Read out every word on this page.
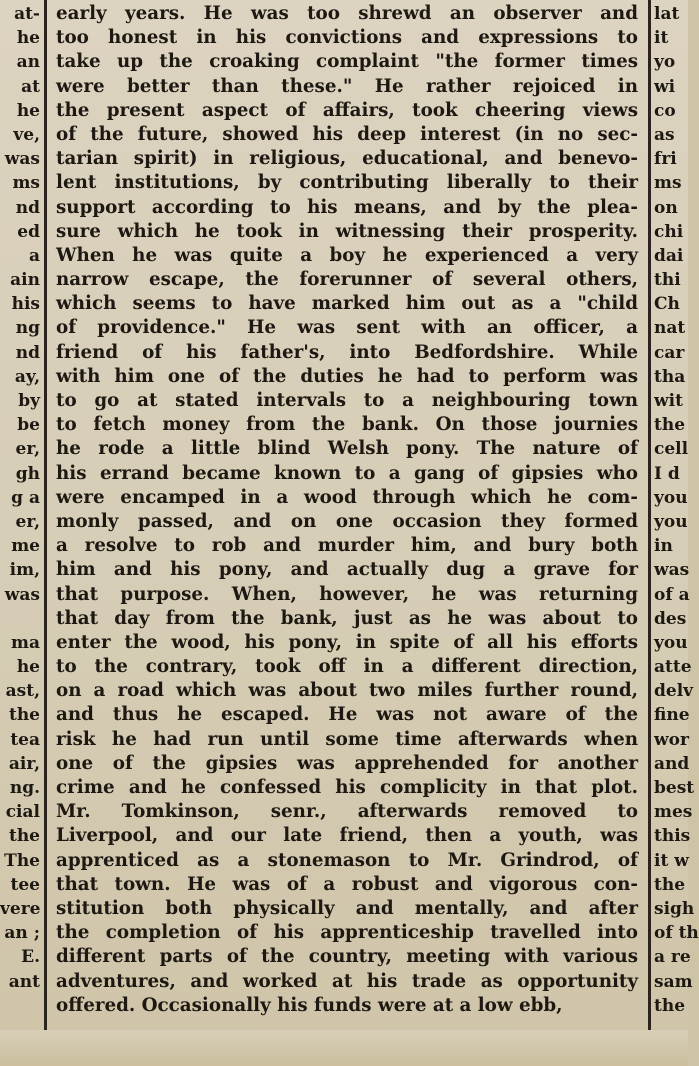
at-
he
an
at
he
ve,
was
ms
nd
ed
a
ain
his
ng
nd
ay,
by
be
er,
gh
g a
er,
me
im,
was
ma
he
ast,
the
tea
air,
ng.
cial
the
The
tee
vere
an ;
E.
ant
early years. He was too shrewd an observer and
too honest in his convictions and expressions to
take up the croaking complaint "the former times
were better than these." He rather rejoiced in
the present aspect of affairs, took cheering views
of the future, showed his deep interest (in no sec-
tarian spirit) in religious, educational, and benevo-
lent institutions, by contributing liberally to their
support according to his means, and by the plea-
sure which he took in witnessing their prosperity.
When he was quite a boy he experienced a very
narrow escape, the forerunner of several others,
which seems to have marked him out as a "child
of providence." He was sent with an officer, a
friend of his father's, into Bedfordshire. While
with him one of the duties he had to perform was
to go at stated intervals to a neighbouring town
to fetch money from the bank. On those journies
he rode a little blind Welsh pony. The nature of
his errand became known to a gang of gipsies who
were encamped in a wood through which he com-
monly passed, and on one occasion they formed
a resolve to rob and murder him, and bury both
him and his pony, and actually dug a grave for
that purpose. When, however, he was returning
that day from the bank, just as he was about to
enter the wood, his pony, in spite of all his efforts
to the contrary, took off in a different direction,
on a road which was about two miles further round,
and thus he escaped. He was not aware of the
risk he had run until some time afterwards when
one of the gipsies was apprehended for another
crime and he confessed his complicity in that plot.
Mr. Tomkinson, senr., afterwards removed to
Liverpool, and our late friend, then a youth, was
apprenticed as a stonemason to Mr. Grindrod, of
that town. He was of a robust and vigorous con-
stitution both physically and mentally, and after
the completion of his apprenticeship travelled into
different parts of the country, meeting with various
adventures, and worked at his trade as opportunity
offered. Occasionally his funds were at a low ebb,
lat
it
yo
wi
co
as
fri
ms
on
chi
dai
thi
Ch
nat
car
tha
wit
the
cell
I d
you
you
in
was
of a
des
you
atte
delv
fine
wor
and
best
mes
this
it w
the
sigh
of th
a re
sam
the
